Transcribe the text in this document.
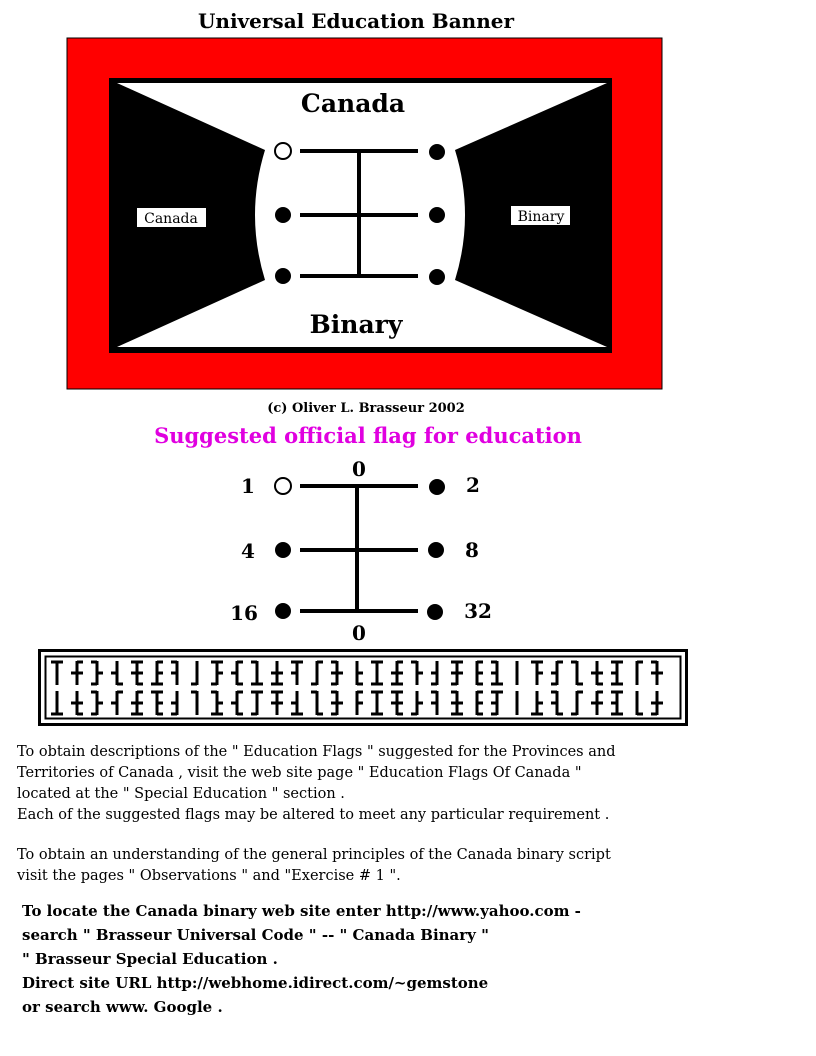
Universal Education Banner
Canada
Binary
Canada	Binary
(c) Oliver L. Brasseur 2002
Suggested official flag for education
0
0
1	2
4	8
16	32
To obtain descriptions of the " Education Flags " suggested for the Provinces and
Territories of Canada , visit the web site page " Education Flags Of Canada "
located at the " Special Education " section .
Each of the suggested flags may be altered to meet any particular requirement .
To obtain an understanding of the general principles of the Canada binary script
visit the pages " Observations " and "Exercise # 1 ".
To locate the Canada binary web site enter http://www.yahoo.com -
search " Brasseur Universal Code " -- " Canada Binary "
" Brasseur Special Education .
Direct site URL http://webhome.idirect.com/~gemstone
or search www. Google .
